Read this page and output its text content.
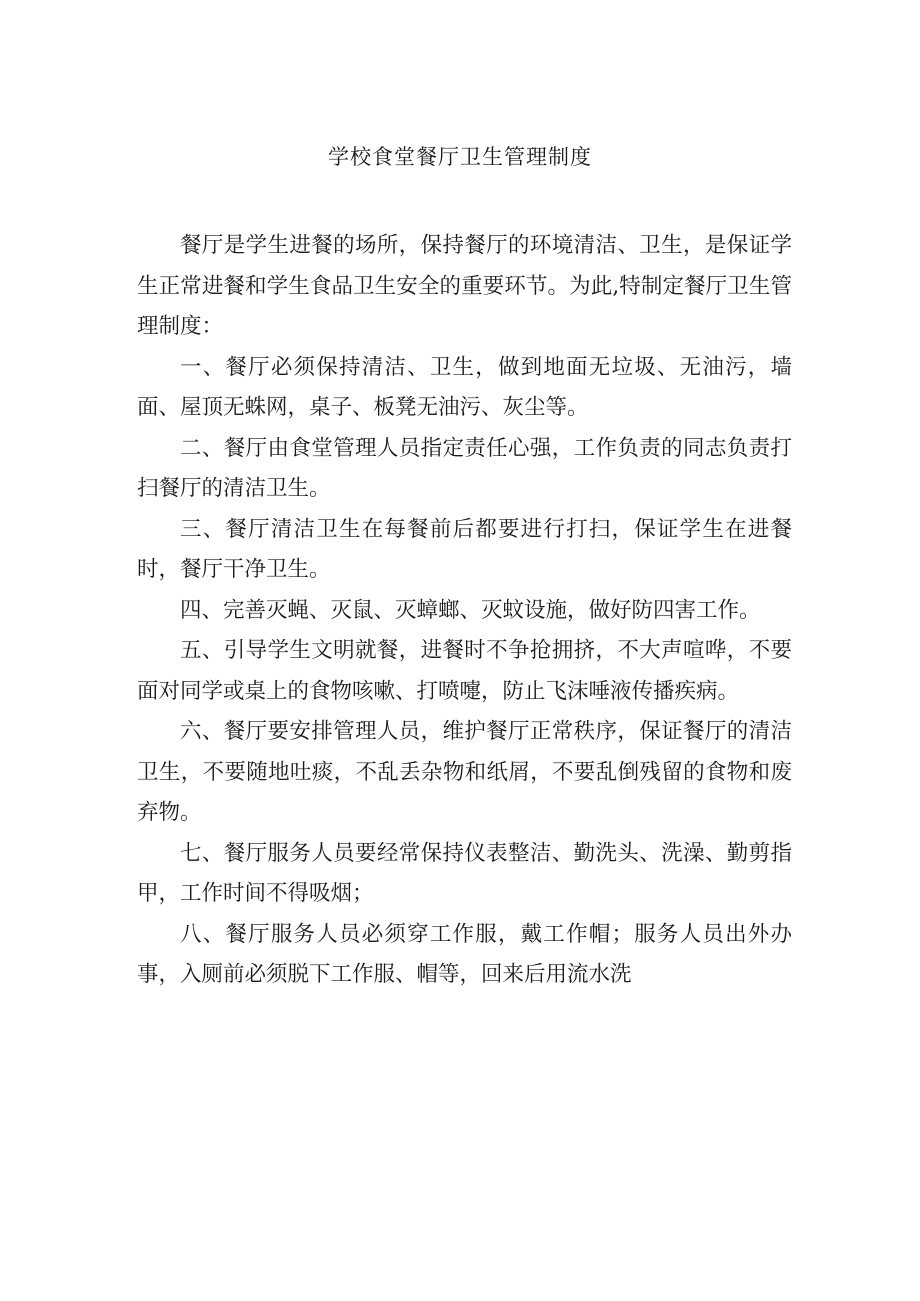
学校食堂餐厅卫生管理制度

餐厅是学生进餐的场所，保持餐厅的环境清洁、卫生，是保证学生正常进餐和学生食品卫生安全的重要环节。为此,特制定餐厅卫生管理制度：

一、餐厅必须保持清洁、卫生，做到地面无垃圾、无油污，墙面、屋顶无蛛网，桌子、板凳无油污、灰尘等。

二、餐厅由食堂管理人员指定责任心强，工作负责的同志负责打扫餐厅的清洁卫生。

三、餐厅清洁卫生在每餐前后都要进行打扫，保证学生在进餐时，餐厅干净卫生。

四、完善灭蝇、灭鼠、灭蟑螂、灭蚊设施，做好防四害工作。

五、引导学生文明就餐，进餐时不争抢拥挤，不大声喧哗，不要面对同学或桌上的食物咳嗽、打喷嚏，防止飞沫唾液传播疾病。

六、餐厅要安排管理人员，维护餐厅正常秩序，保证餐厅的清洁卫生，不要随地吐痰，不乱丢杂物和纸屑，不要乱倒残留的食物和废弃物。

七、餐厅服务人员要经常保持仪表整洁、勤洗头、洗澡、勤剪指甲，工作时间不得吸烟；

八、餐厅服务人员必须穿工作服，戴工作帽；服务人员出外办事，入厕前必须脱下工作服、帽等，回来后用流水洗
